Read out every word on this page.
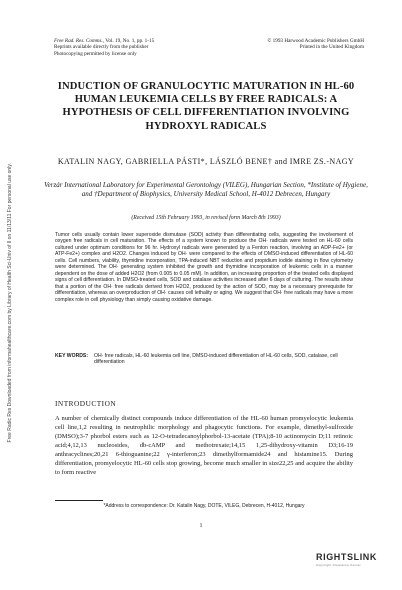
Free Radic Res Downloaded from informahealthcare.com by Library of Health Sci-Univ of Il on 11/13/11 For personal use only.
Free Rad. Res. Comms., Vol. 19, No. 1, pp. 1-15
Reprints available directly from the publisher
Photocopying permitted by license only
© 1993 Harwood Academic Publishers GmbH
Printed in the United Kingdom
INDUCTION OF GRANULOCYTIC MATURATION IN HL-60 HUMAN LEUKEMIA CELLS BY FREE RADICALS: A HYPOTHESIS OF CELL DIFFERENTIATION INVOLVING HYDROXYL RADICALS
KATALIN NAGY, GABRIELLA PÁSTI*, LÁSZLÓ BENE† and IMRE ZS.-NAGY
Verzár International Laboratory for Experimental Gerontology (VILEG), Hungarian Section, *Institute of Hygiene, and †Department of Biophysics, University Medical School, H-4012 Debrecen, Hungary
(Received 15th February 1993, in revised form March 8th 1993)
Tumor cells usually contain lower superoxide dismutase (SOD) activity than differentiating cells, suggesting the involvement of oxygen free radicals in cell maturation. The effects of a system known to produce the OH· radicals were tested on HL-60 cells cultured under optimum conditions for 96 hr. Hydroxyl radicals were generated by a Fenton reaction, involving an ADP-Fe2+ (or ATP-Fe2+) complex and H2O2. Changes induced by OH· were compared to the effects of DMSO-induced differentiation of HL-60 cells. Cell numbers, viability, thymidine incorporation, TPA-induced NBT reduction and propidium iodide staining in flow cytometry were determined. The OH· generating system inhibited the growth and thymidine incorporation of leukemic cells in a manner dependent on the dose of added H2O2 (from 0.005 to 0.05 mM). In addition, an increasing proportion of the treated cells displayed signs of cell differentiation. In DMSO-treated cells, SOD and catalase activities increased after 6 days of culturing. The results show that a portion of the OH· free radicals derived from H2O2, produced by the action of SOD, may be a necessary prerequisite for differentiation, whereas an overproduction of OH· causes cell lethality or aging. We suggest that OH· free radicals may have a more complex role in cell physiology than simply causing oxidative damage.
KEY WORDS: OH· free radicals, HL-60 leukemia cell line, DMSO-induced differentiation of HL-60 cells, SOD, catalase, cell differentiation
INTRODUCTION
A number of chemically distinct compounds induce differentiation of the HL-60 human promyelocytic leukemia cell line,1,2 resulting in neutrophilic morphology and phagocytic functions. For example, dimethyl-sulfoxide (DMSO);3-7 phorbol esters such as 12-O-tetradecanoylphorbol-13-acetate (TPA);8-10 actinomycin D;11 retinoic acid;4,12,13 nucleosides, db-cAMP and methotrexate;14,15 1,25-dihydroxy-vitamin D3;16-19 anthracyclines;20,21 6-thioguanine;22 γ-interferon;23 dimethylformamide24 and histamine15. During differentiation, promyelocytic HL-60 cells stop growing, become much smaller in size22,25 and acquire the ability to form reactive
*Address to correspondence: Dr. Katalin Nagy, DOTE, VILEG, Debrecen, H-4012, Hungary
1
RIGHTSLINK
Copyright Clearance Center
